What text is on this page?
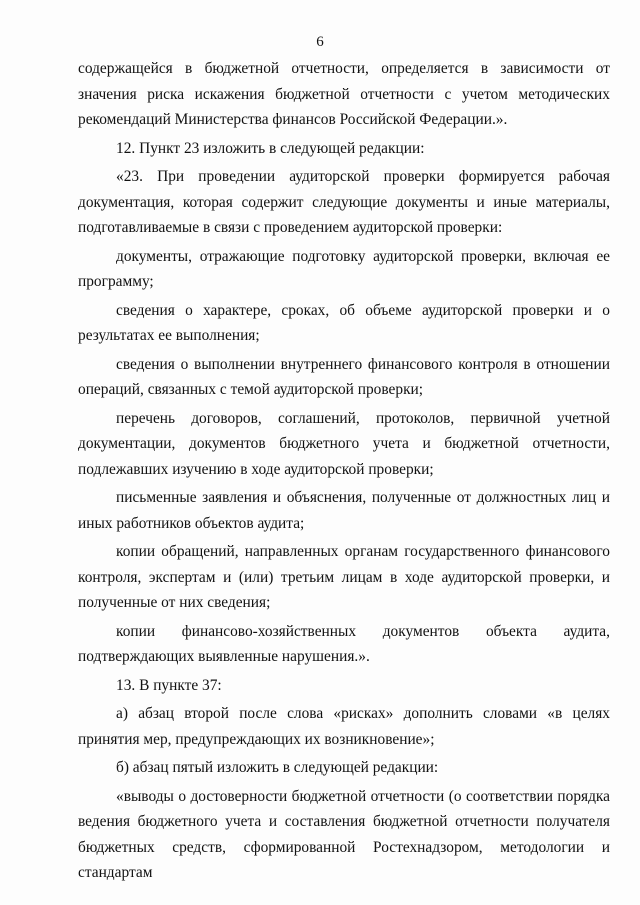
6

содержащейся в бюджетной отчетности, определяется в зависимости от значения риска искажения бюджетной отчетности с учетом методических рекомендаций Министерства финансов Российской Федерации.».

12. Пункт 23 изложить в следующей редакции:

«23. При проведении аудиторской проверки формируется рабочая документация, которая содержит следующие документы и иные материалы, подготавливаемые в связи с проведением аудиторской проверки:

документы, отражающие подготовку аудиторской проверки, включая ее программу;

сведения о характере, сроках, об объеме аудиторской проверки и о результатах ее выполнения;

сведения о выполнении внутреннего финансового контроля в отношении операций, связанных с темой аудиторской проверки;

перечень договоров, соглашений, протоколов, первичной учетной документации, документов бюджетного учета и бюджетной отчетности, подлежавших изучению в ходе аудиторской проверки;

письменные заявления и объяснения, полученные от должностных лиц и иных работников объектов аудита;

копии обращений, направленных органам государственного финансового контроля, экспертам и (или) третьим лицам в ходе аудиторской проверки, и полученные от них сведения;

копии финансово-хозяйственных документов объекта аудита, подтверждающих выявленные нарушения.».

13. В пункте 37:

а) абзац второй после слова «рисках» дополнить словами «в целях принятия мер, предупреждающих их возникновение»;

б) абзац пятый изложить в следующей редакции:

«выводы о достоверности бюджетной отчетности (о соответствии порядка ведения бюджетного учета и составления бюджетной отчетности получателя бюджетных средств, сформированной Ростехнадзором, методологии и стандартам
